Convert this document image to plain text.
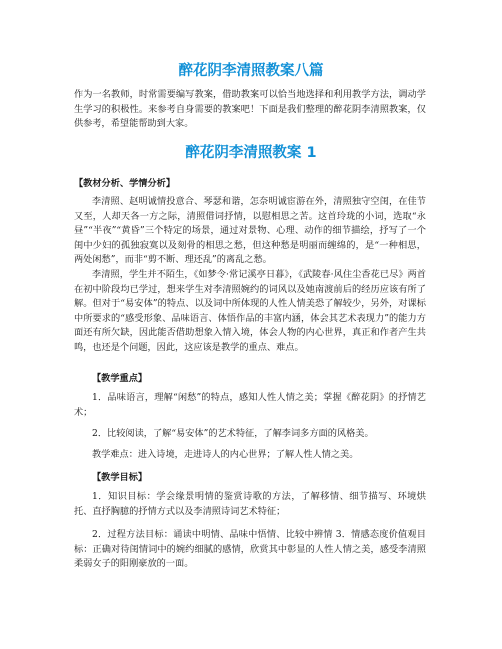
醉花阴李清照教案八篇

作为一名教师，时常需要编写教案，借助教案可以恰当地选择和利用教学方法，调动学生学习的积极性。来参考自身需要的教案吧！下面是我们整理的醉花阴李清照教案，仅供参考，希望能帮助到大家。

醉花阴李清照教案 1

【教材分析、学情分析】

李清照、赵明诚情投意合、琴瑟和谐，怎奈明诚宦游在外，清照独守空闺，在佳节又至，人却天各一方之际，清照借词抒情，以慰相思之苦。这首玲珑的小词，选取“永昼”“半夜”“黄昏”三个特定的场景，通过对景物、心理、动作的细节描绘，抒写了一个闺中少妇的孤独寂寞以及刻骨的相思之愁，但这种愁是明丽而缠绵的，是“一种相思，两处闲愁”，而非“剪不断、理还乱”的离乱之愁。

李清照，学生并不陌生，《如梦令·常记溪亭日暮》，《武陵春·风住尘香花已尽》两首在初中阶段均已学过，想来学生对李清照婉约的词风以及她南渡前后的经历应该有所了解。但对于“易安体”的特点、以及词中所体现的人性人情美恐了解较少，另外，对课标中所要求的“感受形象、品味语言、体悟作品的丰富内涵，体会其艺术表现力”的能力方面还有所欠缺，因此能否借助想象入情入境，体会人物的内心世界，真正和作者产生共鸣，也还是个问题，因此，这应该是教学的重点、难点。

【教学重点】

1．品味语言，理解“闲愁”的特点，感知人性人情之美；掌握《醉花阴》的抒情艺术；

2．比较阅读，了解“易安体”的艺术特征，了解李词多方面的风格美。

教学难点：进入诗境，走进诗人的内心世界；了解人性人情之美。

【教学目标】

1．知识目标：学会缘景明情的鉴赏诗歌的方法，了解移情、细节描写、环境烘托、直抒胸臆的抒情方式以及李清照诗词艺术特征；

2．过程方法目标：诵读中明情、品味中悟情、比较中辨情 3．情感态度价值观目标：正确对待闺情词中的婉约细腻的感情，欣赏其中彰显的人性人情之美，感受李清照柔弱女子的阳刚豪放的一面。
